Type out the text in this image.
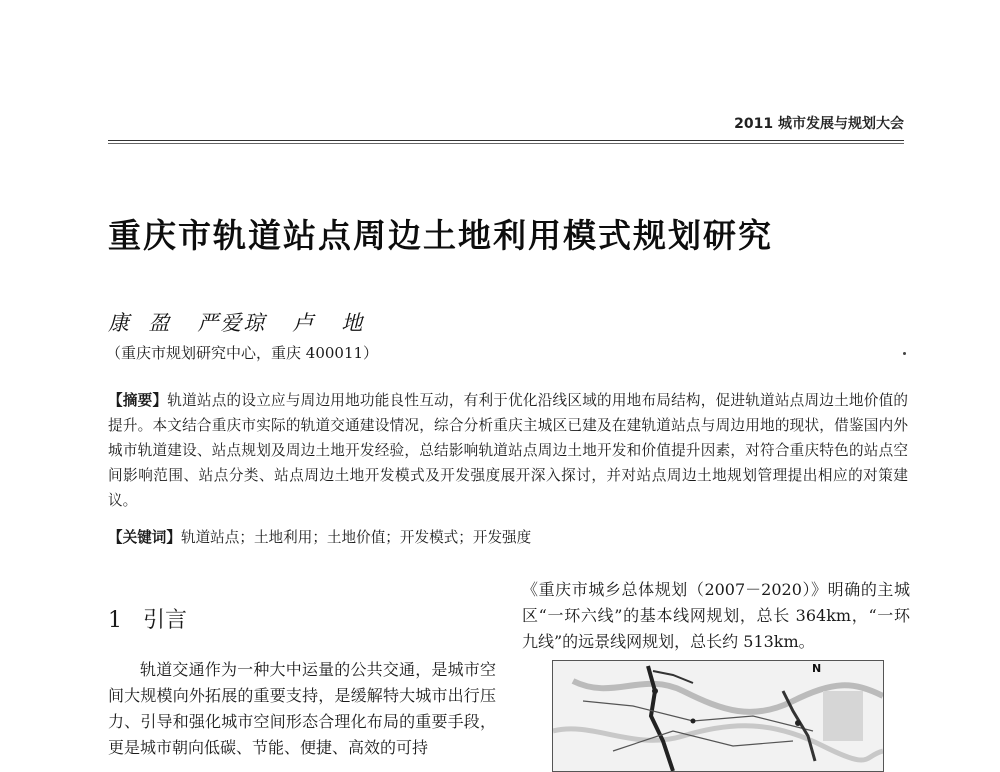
2011 城市发展与规划大会
重庆市轨道站点周边土地利用模式规划研究
康  盈   严爱琼   卢   地
（重庆市规划研究中心，重庆 400011）
【摘要】轨道站点的设立应与周边用地功能良性互动，有利于优化沿线区域的用地布局结构，促进轨道站点周边土地价值的提升。本文结合重庆市实际的轨道交通建设情况，综合分析重庆主城区已建及在建轨道站点与周边用地的现状，借鉴国内外城市轨道建设、站点规划及周边土地开发经验，总结影响轨道站点周边土地开发和价值提升因素，对符合重庆特色的站点空间影响范围、站点分类、站点周边土地开发模式及开发强度展开深入探讨，并对站点周边土地规划管理提出相应的对策建议。
【关键词】轨道站点；土地利用；土地价值；开发模式；开发强度
1   引言
轨道交通作为一种大中运量的公共交通，是城市空间大规模向外拓展的重要支持，是缓解特大城市出行压力、引导和强化城市空间形态合理化布局的重要手段，更是城市朝向低碳、节能、便捷、高效的可持
《重庆市城乡总体规划（2007－2020）》明确的主城区“一环六线”的基本线网规划，总长 364km，“一环九线”的远景线网规划，总长约 513km。
N
